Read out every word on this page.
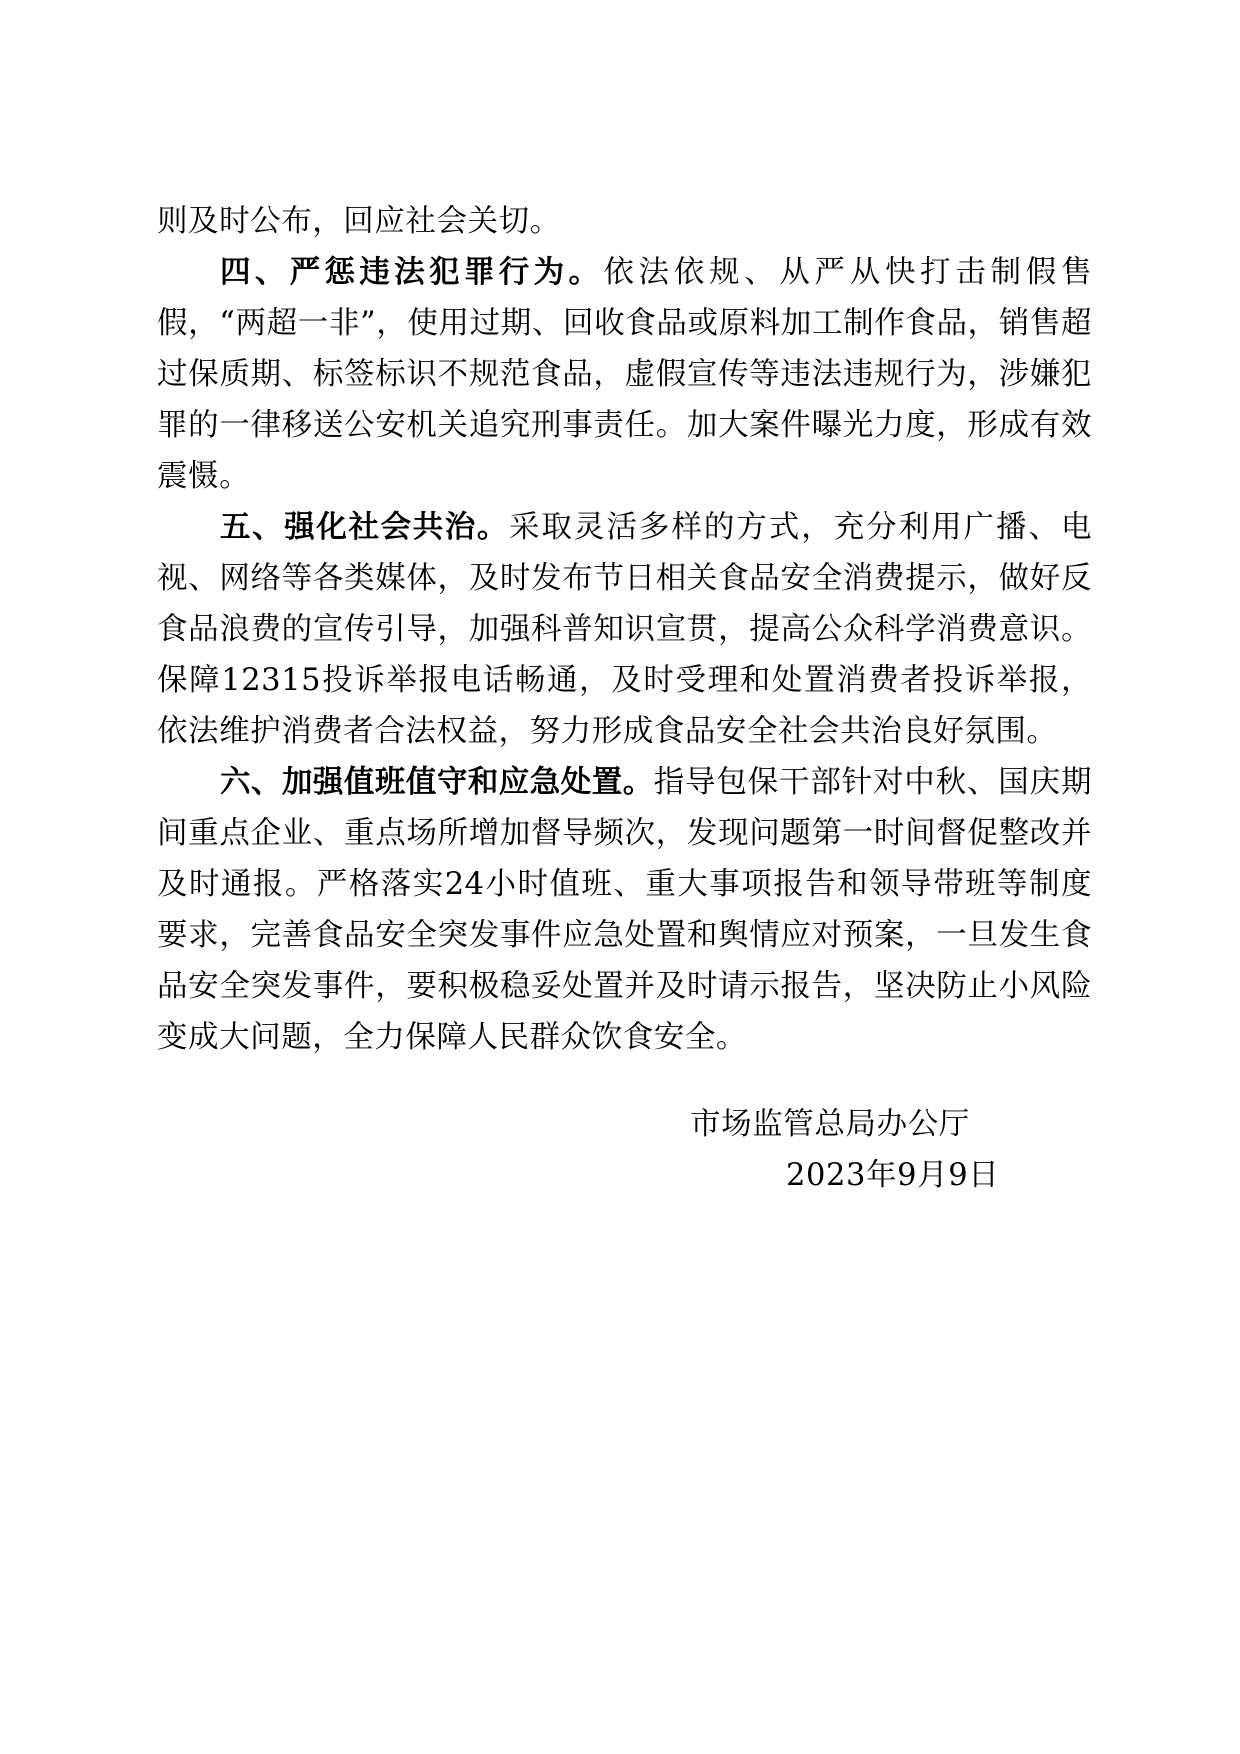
则及时公布，回应社会关切。

四、严惩违法犯罪行为。依法依规、从严从快打击制假售假，“两超一非”，使用过期、回收食品或原料加工制作食品，销售超过保质期、标签标识不规范食品，虚假宣传等违法违规行为，涉嫌犯罪的一律移送公安机关追究刑事责任。加大案件曝光力度，形成有效震慑。

五、强化社会共治。采取灵活多样的方式，充分利用广播、电视、网络等各类媒体，及时发布节日相关食品安全消费提示，做好反食品浪费的宣传引导，加强科普知识宣贯，提高公众科学消费意识。保障12315投诉举报电话畅通，及时受理和处置消费者投诉举报，依法维护消费者合法权益，努力形成食品安全社会共治良好氛围。

六、加强值班值守和应急处置。指导包保干部针对中秋、国庆期间重点企业、重点场所增加督导频次，发现问题第一时间督促整改并及时通报。严格落实24小时值班、重大事项报告和领导带班等制度要求，完善食品安全突发事件应急处置和舆情应对预案，一旦发生食品安全突发事件，要积极稳妥处置并及时请示报告，坚决防止小风险变成大问题，全力保障人民群众饮食安全。

市场监管总局办公厅
2023年9月9日
